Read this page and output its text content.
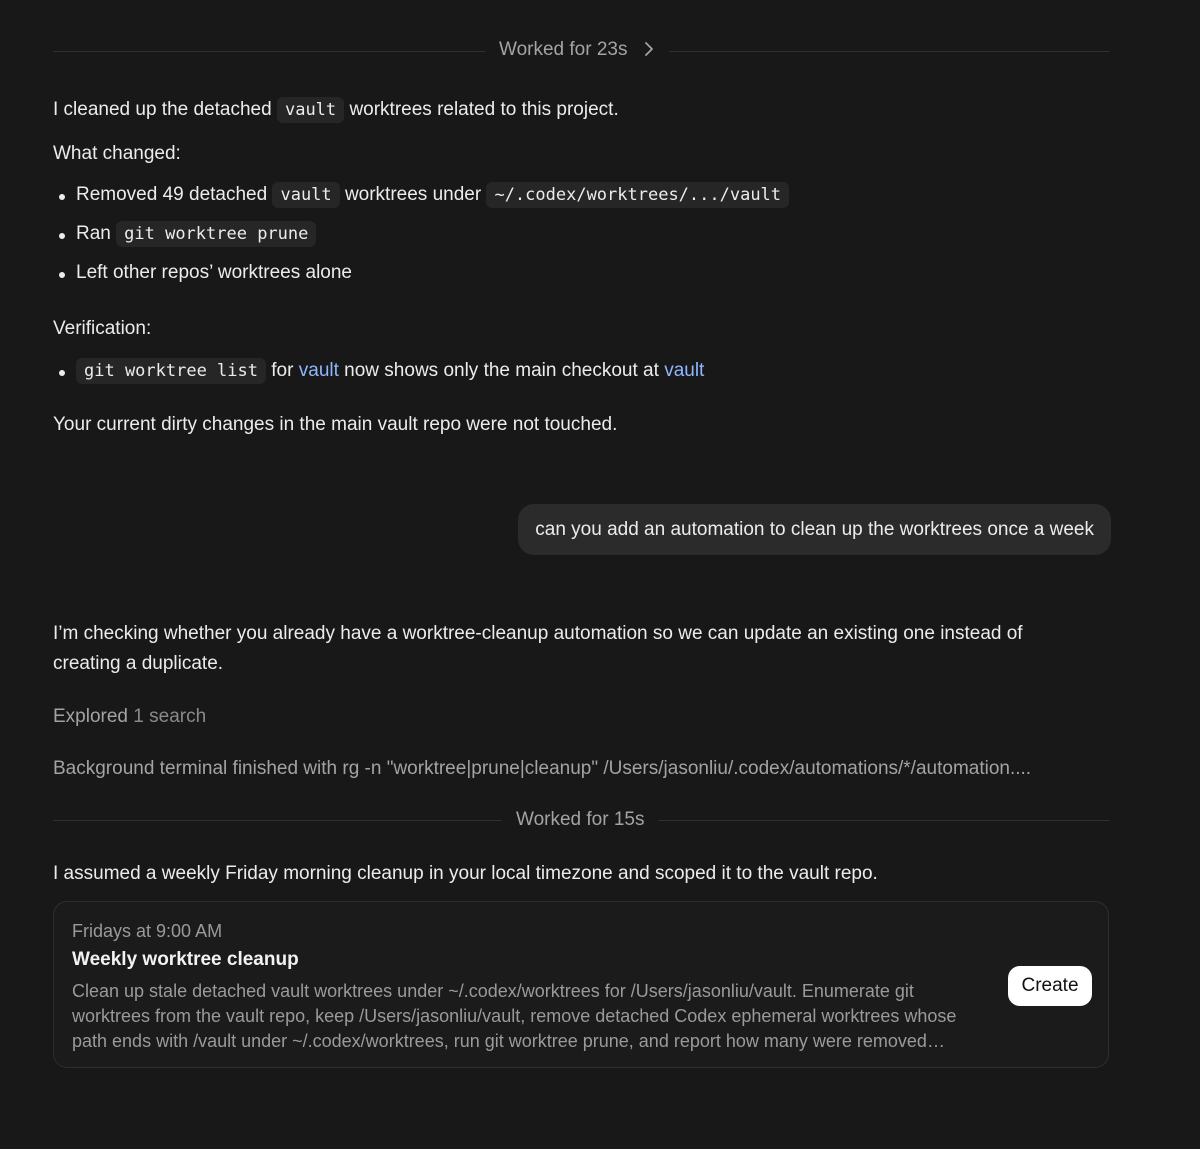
Worked for 23s
I cleaned up the detached vault worktrees related to this project.
What changed:
Removed 49 detached vault worktrees under ~/.codex/worktrees/.../vault
Ran git worktree prune
Left other repos’ worktrees alone
Verification:
git worktree list for vault now shows only the main checkout at vault
Your current dirty changes in the main vault repo were not touched.
can you add an automation to clean up the worktrees once a week
I’m checking whether you already have a worktree-cleanup automation so we can update an existing one instead of
creating a duplicate.
Explored 1 search
Background terminal finished with rg -n "worktree|prune|cleanup" /Users/jasonliu/.codex/automations/*/automation....
Worked for 15s
I assumed a weekly Friday morning cleanup in your local timezone and scoped it to the vault repo.
Fridays at 9:00 AM
Weekly worktree cleanup
Clean up stale detached vault worktrees under ~/.codex/worktrees for /Users/jasonliu/vault. Enumerate git worktrees from the vault repo, keep /Users/jasonliu/vault, remove detached Codex ephemeral worktrees whose path ends with /vault under ~/.codex/worktrees, run git worktree prune, and report how many were removed…
Create
